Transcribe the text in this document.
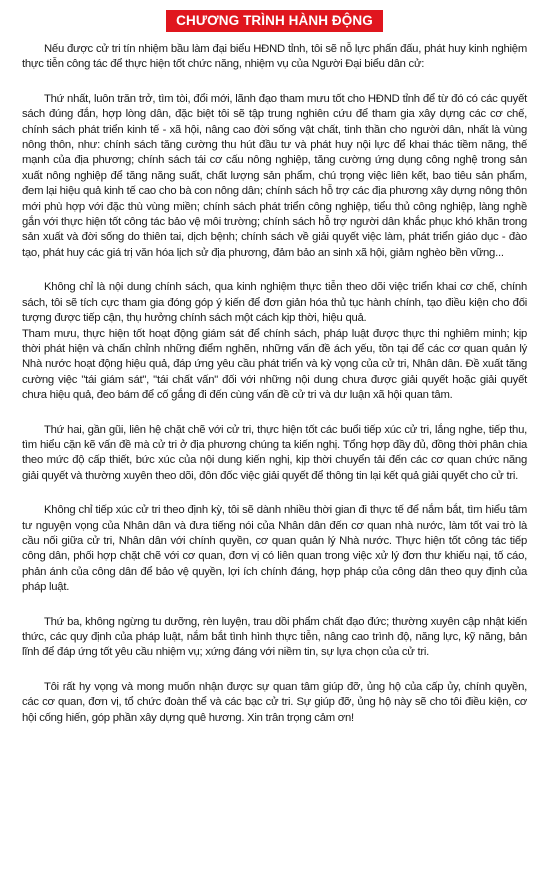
CHƯƠNG TRÌNH HÀNH ĐỘNG

Nếu được cử tri tín nhiệm bầu làm đại biểu HĐND tỉnh, tôi sẽ nỗ lực phấn đấu, phát huy kinh nghiệm thực tiễn công tác để thực hiện tốt chức năng, nhiệm vụ của Người Đại biểu dân cử:

Thứ nhất, luôn trăn trở, tìm tòi, đổi mới, lãnh đạo tham mưu tốt cho HĐND tỉnh để từ đó có các quyết sách đúng đắn, hợp lòng dân, đặc biệt tôi sẽ tập trung nghiên cứu để tham gia xây dựng các cơ chế, chính sách phát triển kinh tế - xã hội, nâng cao đời sống vật chất, tinh thần cho người dân, nhất là vùng nông thôn, như: chính sách tăng cường thu hút đầu tư và phát huy nội lực để khai thác tiềm năng, thế mạnh của địa phương; chính sách tái cơ cấu nông nghiệp, tăng cường ứng dụng công nghệ trong sản xuất nông nghiệp để tăng năng suất, chất lượng sản phẩm, chú trọng việc liên kết, bao tiêu sản phẩm, đem lại hiệu quả kinh tế cao cho bà con nông dân; chính sách hỗ trợ các địa phương xây dựng nông thôn mới phù hợp với đặc thù vùng miền; chính sách phát triển công nghiệp, tiểu thủ công nghiệp, làng nghề gắn với thực hiện tốt công tác bảo vệ môi trường; chính sách hỗ trợ người dân khắc phục khó khăn trong sản xuất và đời sống do thiên tai, dịch bệnh; chính sách về giải quyết việc làm, phát triển giáo dục - đào tạo, phát huy các giá trị văn hóa lịch sử địa phương, đảm bảo an sinh xã hội, giảm nghèo bền vững...

Không chỉ là nội dung chính sách, qua kinh nghiệm thực tiễn theo dõi việc triển khai cơ chế, chính sách, tôi sẽ tích cực tham gia đóng góp ý kiến để đơn giản hóa thủ tục hành chính, tạo điều kiện cho đối tượng được tiếp cận, thụ hưởng chính sách một cách kịp thời, hiệu quả.

Tham mưu, thực hiện tốt hoạt động giám sát để chính sách, pháp luật được thực thi nghiêm minh; kịp thời phát hiện và chấn chỉnh những điểm nghẽn, những vấn đề ách yếu, tồn tại để các cơ quan quản lý Nhà nước hoạt động hiệu quả, đáp ứng yêu cầu phát triển và kỳ vọng của cử tri, Nhân dân. Đề xuất tăng cường việc "tái giám sát", "tái chất vấn" đối với những nội dung chưa được giải quyết hoặc giải quyết chưa hiệu quả, đeo bám để cố gắng đi đến cùng vấn đề cử tri và dư luận xã hội quan tâm.

Thứ hai, gần gũi, liên hệ chặt chẽ với cử tri, thực hiện tốt các buổi tiếp xúc cử tri, lắng nghe, tiếp thu, tìm hiểu cặn kẽ vấn đề mà cử tri ở địa phương chúng ta kiến nghị. Tổng hợp đầy đủ, đồng thời phân chia theo mức độ cấp thiết, bức xúc của nội dung kiến nghị, kịp thời chuyển tải đến các cơ quan chức năng giải quyết và thường xuyên theo dõi, đôn đốc việc giải quyết để thông tin lại kết quả giải quyết cho cử tri.

Không chỉ tiếp xúc cử tri theo định kỳ, tôi sẽ dành nhiều thời gian đi thực tế để nắm bắt, tìm hiểu tâm tư nguyện vọng của Nhân dân và đưa tiếng nói của Nhân dân đến cơ quan nhà nước, làm tốt vai trò là cầu nối giữa cử tri, Nhân dân với chính quyền, cơ quan quản lý Nhà nước. Thực hiện tốt công tác tiếp công dân, phối hợp chặt chẽ với cơ quan, đơn vị có liên quan trong việc xử lý đơn thư khiếu nại, tố cáo, phản ánh của công dân để bảo vệ quyền, lợi ích chính đáng, hợp pháp của công dân theo quy định của pháp luật.

Thứ ba, không ngừng tu dưỡng, rèn luyện, trau dồi phẩm chất đạo đức; thường xuyên cập nhật kiến thức, các quy định của pháp luật, nắm bắt tình hình thực tiễn, nâng cao trình độ, năng lực, kỹ năng, bản lĩnh để đáp ứng tốt yêu cầu nhiệm vụ; xứng đáng với niềm tin, sự lựa chọn của cử tri.

Tôi rất hy vọng và mong muốn nhận được sự quan tâm giúp đỡ, ủng hộ của cấp ủy, chính quyền, các cơ quan, đơn vị, tổ chức đoàn thể và các bạc cử tri. Sự giúp đỡ, ủng hộ này sẽ cho tôi điều kiện, cơ hội cống hiến, góp phần xây dựng quê hương. Xin trân trọng cảm ơn!
